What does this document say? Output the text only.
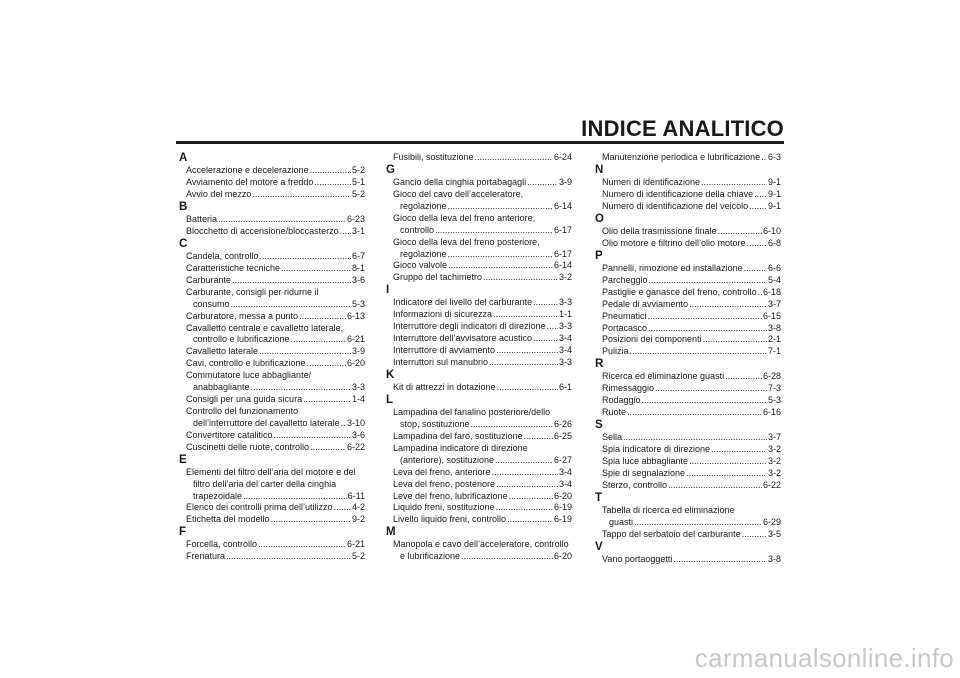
INDICE ANALITICO
A
Accelerazione e decelerazione .....	5-2
Avviamento del motore a freddo .....	5-1
Avvio del mezzo .....	5-2
B
Batteria .....	6-23
Blocchetto di accensione/bloccasterzo ..... 3-1
C
Candela, controllo .....	6-7
Caratteristiche tecniche .....	8-1
Carburante .....	3-6
Carburante, consigli per ridurne il
consumo .....	5-3
Carburatore, messa a punto .....	6-13
Cavalletto centrale e cavalletto laterale,
controllo e lubrificazione .....	6-21
Cavalletto laterale .....	3-9
Cavi, controllo e lubrificazione .....	6-20
Commutatore luce abbagliante/
anabbagliante .....	3-3
Consigli per una guida sicura .....	1-4
Controllo del funzionamento
dell’interruttore del cavalletto laterale ..... 3-10
Convertitore catalitico .....	3-6
Cuscinetti delle ruote, controllo .....	6-22
E
Elementi del filtro dell’aria del motore e del
filtro dell’aria del carter della cinghia
trapezoidale .....	6-11
Elenco dei controlli prima dell’utilizzo ..... 4-2
Etichetta del modello .....	9-2
F
Forcella, controllo .....	6-21
Frenatura .....	5-2
Fusibili, sostituzione .....	6-24
G
Gancio della cinghia portabagagli .....	3-9
Gioco del cavo dell’acceleratore,
regolazione .....	6-14
Gioco della leva del freno anteriore,
controllo .....	6-17
Gioco della leva del freno posteriore,
regolazione .....	6-17
Gioco valvole .....	6-14
Gruppo del tachimetro .....	3-2
I
Indicatore del livello del carburante .....	3-3
Informazioni di sicurezza .....	1-1
Interruttore degli indicatori di direzione ..... 3-3
Interruttore dell’avvisatore acustico .....	3-4
Interruttore di avviamento .....	3-4
Interruttori sul manubrio .....	3-3
K
Kit di attrezzi in dotazione .....	6-1
L
Lampadina del fanalino posteriore/dello
stop, sostituzione .....	6-26
Lampadina del faro, sostituzione .....	6-25
Lampadina indicatore di direzione
(anteriore), sostituzione .....	6-27
Leva del freno, anteriore .....	3-4
Leva del freno, posteriore .....	3-4
Leve del freno, lubrificazione .....	6-20
Liquido freni, sostituzione .....	6-19
Livello liquido freni, controllo .....	6-19
M
Manopola e cavo dell’acceleratore, controllo
e lubrificazione .....	6-20
Manutenzione periodica e lubrificazione ..... 6-3
N
Numeri di identificazione .....	9-1
Numero di identificazione della chiave ..... 9-1
Numero di identificazione del veicolo ..... 9-1
O
Olio della trasmissione finale .....	6-10
Olio motore e filtrino dell’olio motore ..... 6-8
P
Pannelli, rimozione ed installazione .....	6-6
Parcheggio .....	5-4
Pastiglie e ganasce del freno, controllo ..... 6-18
Pedale di avviamento .....	3-7
Pneumatici .....	6-15
Portacasco .....	3-8
Posizioni dei componenti .....	2-1
Pulizia .....	7-1
R
Ricerca ed eliminazione guasti .....	6-28
Rimessaggio .....	7-3
Rodaggio .....	5-3
Ruote .....	6-16
S
Sella .....	3-7
Spia indicatore di direzione .....	3-2
Spia luce abbagliante .....	3-2
Spie di segnalazione .....	3-2
Sterzo, controllo .....	6-22
T
Tabella di ricerca ed eliminazione
guasti .....	6-29
Tappo del serbatoio del carburante .....	3-5
V
Vano portaoggetti .....	3-8
carmanualsonline.info
